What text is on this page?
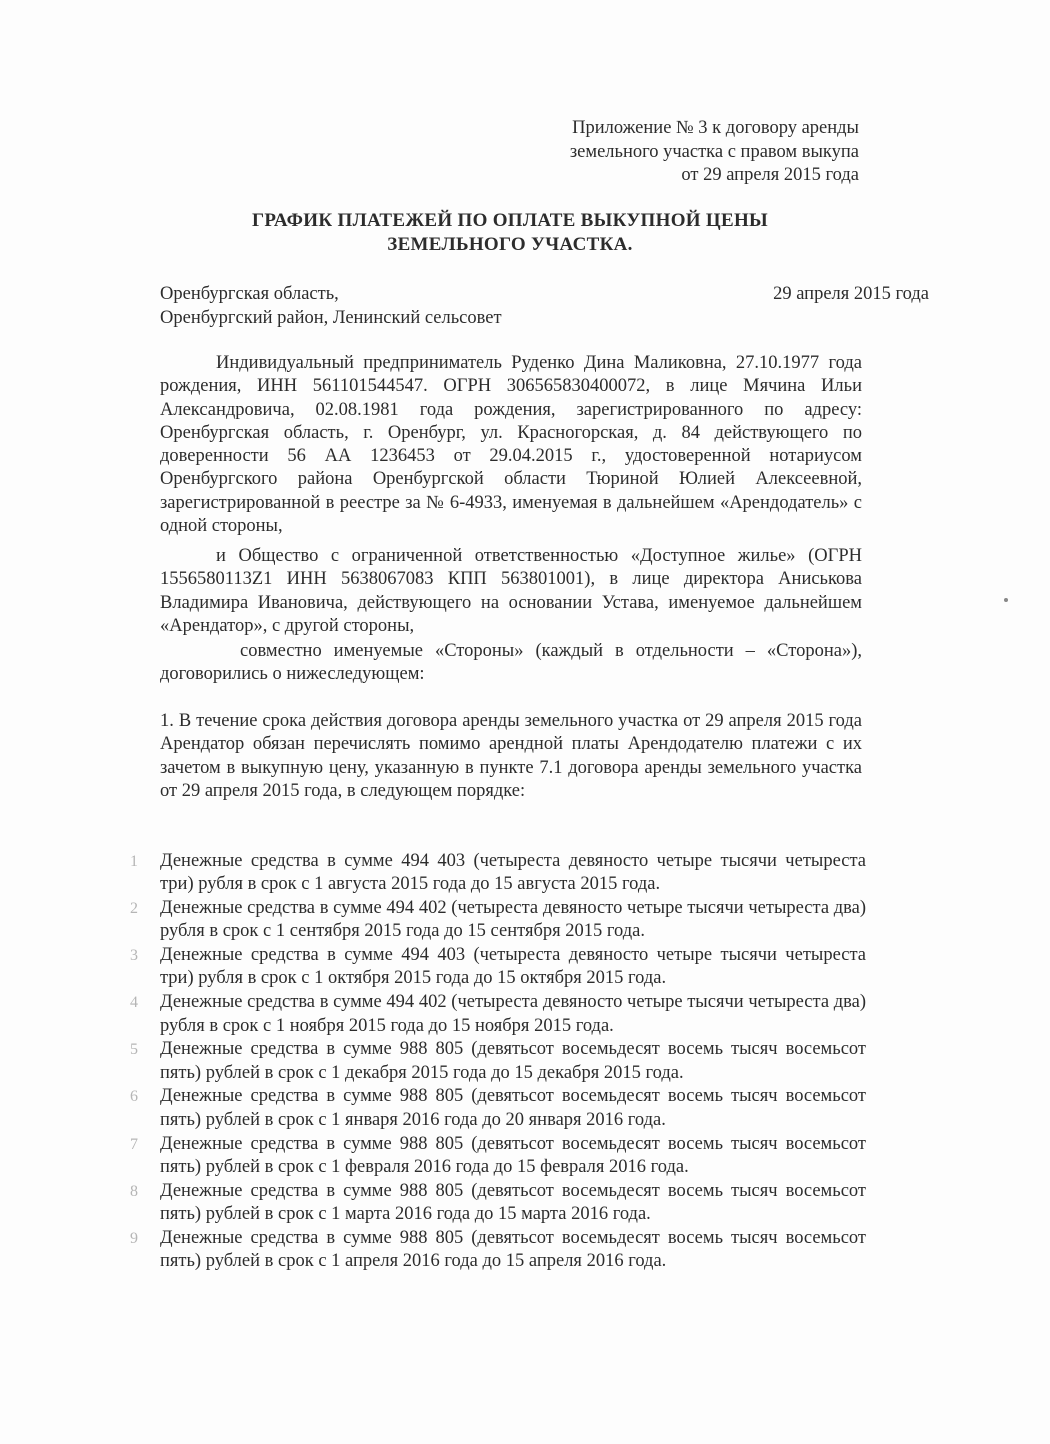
Приложение № 3 к договору аренды
земельного участка с правом выкупа
от 29 апреля 2015 года
ГРАФИК ПЛАТЕЖЕЙ ПО ОПЛАТЕ ВЫКУПНОЙ ЦЕНЫ
ЗЕМЕЛЬНОГО УЧАСТКА.
Оренбургская область,
Оренбургский район, Ленинский сельсовет
29 апреля 2015 года
Индивидуальный предприниматель Руденко Дина Маликовна, 27.10.1977 года рождения, ИНН 561101544547. ОГРН 306565830400072, в лице Мячина Ильи Александровича, 02.08.1981 года рождения, зарегистрированного по адресу: Оренбургская область, г. Оренбург, ул. Красногорская, д. 84 действующего по доверенности 56 АА 1236453 от 29.04.2015 г., удостоверенной нотариусом Оренбургского района Оренбургской области Тюриной Юлией Алексеевной, зарегистрированной в реестре за № 6-4933, именуемая в дальнейшем «Арендодатель» с одной стороны,
и Общество с ограниченной ответственностью «Доступное жилье» (ОГРН 1556580113Z1 ИНН 5638067083 КПП 563801001), в лице директора Аниськова Владимира Ивановича, действующего на основании Устава, именуемое дальнейшем «Арендатор», с другой стороны,
совместно именуемые «Стороны» (каждый в отдельности – «Сторона»), договорились о нижеследующем:
1. В течение срока действия договора аренды земельного участка от 29 апреля 2015 года Арендатор обязан перечислять помимо арендной платы Арендодателю платежи с их зачетом в выкупную цену, указанную в пункте 7.1 договора аренды земельного участка от 29 апреля 2015 года, в следующем порядке:
1	Денежные средства в сумме 494 403 (четыреста девяносто четыре тысячи четыреста три) рубля в срок с 1 августа 2015 года до 15 августа 2015 года.
2	Денежные средства в сумме 494 402 (четыреста девяносто четыре тысячи четыреста два) рубля в срок с 1 сентября 2015 года до 15 сентября 2015 года.
3	Денежные средства в сумме 494 403 (четыреста девяносто четыре тысячи четыреста три) рубля в срок с 1 октября 2015 года до 15 октября 2015 года.
4	Денежные средства в сумме 494 402 (четыреста девяносто четыре тысячи четыреста два) рубля в срок с 1 ноября 2015 года до 15 ноября 2015 года.
5	Денежные средства в сумме 988 805 (девятьсот восемьдесят восемь тысяч восемьсот пять) рублей в срок с 1 декабря 2015 года до 15 декабря 2015 года.
6	Денежные средства в сумме 988 805 (девятьсот восемьдесят восемь тысяч восемьсот пять) рублей в срок с 1 января 2016 года до 20 января 2016 года.
7	Денежные средства в сумме 988 805 (девятьсот восемьдесят восемь тысяч восемьсот пять) рублей в срок с 1 февраля 2016 года до 15 февраля 2016 года.
8	Денежные средства в сумме 988 805 (девятьсот восемьдесят восемь тысяч восемьсот пять) рублей в срок с 1 марта 2016 года до 15 марта 2016 года.
9	Денежные средства в сумме 988 805 (девятьсот восемьдесят восемь тысяч восемьсот пять) рублей в срок с 1 апреля 2016 года до 15 апреля 2016 года.
